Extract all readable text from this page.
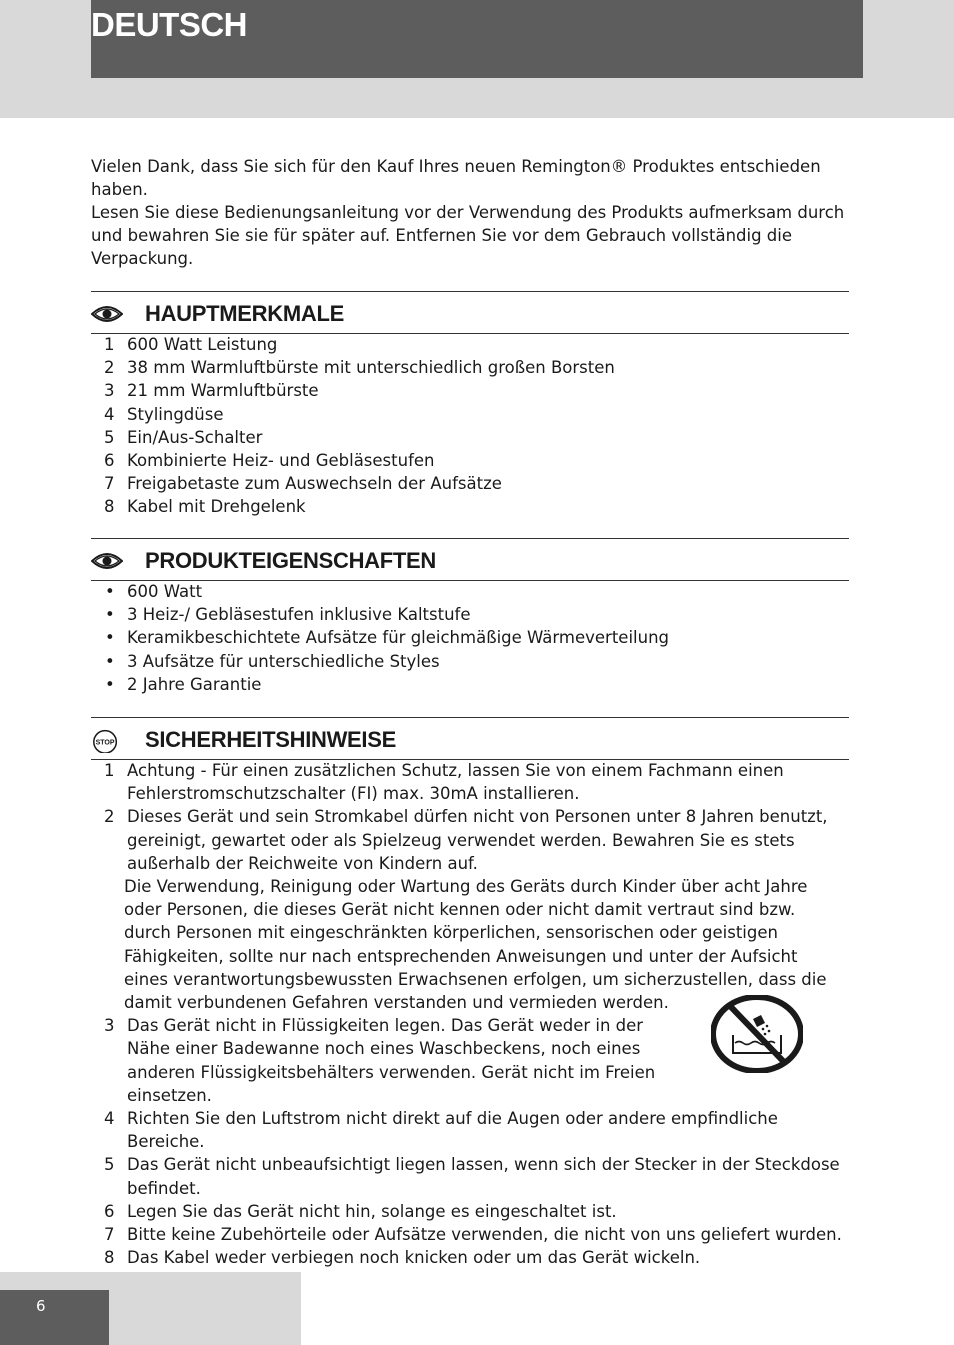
DEUTSCH

Vielen Dank, dass Sie sich für den Kauf Ihres neuen Remington® Produktes entschieden haben.

Lesen Sie diese Bedienungsanleitung vor der Verwendung des Produkts aufmerksam durch und bewahren Sie sie für später auf. Entfernen Sie vor dem Gebrauch vollständig die Verpackung.

HAUPTMERKMALE
1 600 Watt Leistung
2 38 mm Warmluftbürste mit unterschiedlich großen Borsten
3 21 mm Warmluftbürste
4 Stylingdüse
5 Ein/Aus-Schalter
6 Kombinierte Heiz- und Gebläsestufen
7 Freigabetaste zum Auswechseln der Aufsätze
8 Kabel mit Drehgelenk
PRODUKTEIGENSCHAFTEN
• 600 Watt
• 3 Heiz-/ Gebläsestufen inklusive Kaltstufe
• Keramikbeschichtete Aufsätze für gleichmäßige Wärmeverteilung
• 3 Aufsätze für unterschiedliche Styles
• 2 Jahre Garantie
STOP SICHERHEITSHINWEISE
1 Achtung - Für einen zusätzlichen Schutz, lassen Sie von einem Fachmann einen Fehlerstromschutzschalter (FI) max. 30mA installieren.
2 Dieses Gerät und sein Stromkabel dürfen nicht von Personen unter 8 Jahren benutzt, gereinigt, gewartet oder als Spielzeug verwendet werden. Bewahren Sie es stets außerhalb der Reichweite von Kindern auf.
Die Verwendung, Reinigung oder Wartung des Geräts durch Kinder über acht Jahre oder Personen, die dieses Gerät nicht kennen oder nicht damit vertraut sind bzw. durch Personen mit eingeschränkten körperlichen, sensorischen oder geistigen Fähigkeiten, sollte nur nach entsprechenden Anweisungen und unter der Aufsicht eines verantwortungsbewussten Erwachsenen erfolgen, um sicherzustellen, dass die damit verbundenen Gefahren verstanden und vermieden werden.
3 Das Gerät nicht in Flüssigkeiten legen. Das Gerät weder in der Nähe einer Badewanne noch eines Waschbeckens, noch eines anderen Flüssigkeitsbehälters verwenden. Gerät nicht im Freien einsetzen.
4 Richten Sie den Luftstrom nicht direkt auf die Augen oder andere empfindliche Bereiche.
5 Das Gerät nicht unbeaufsichtigt liegen lassen, wenn sich der Stecker in der Steckdose befindet.
6 Legen Sie das Gerät nicht hin, solange es eingeschaltet ist.
7 Bitte keine Zubehörteile oder Aufsätze verwenden, die nicht von uns geliefert wurden.
8 Das Kabel weder verbiegen noch knicken oder um das Gerät wickeln.
6
